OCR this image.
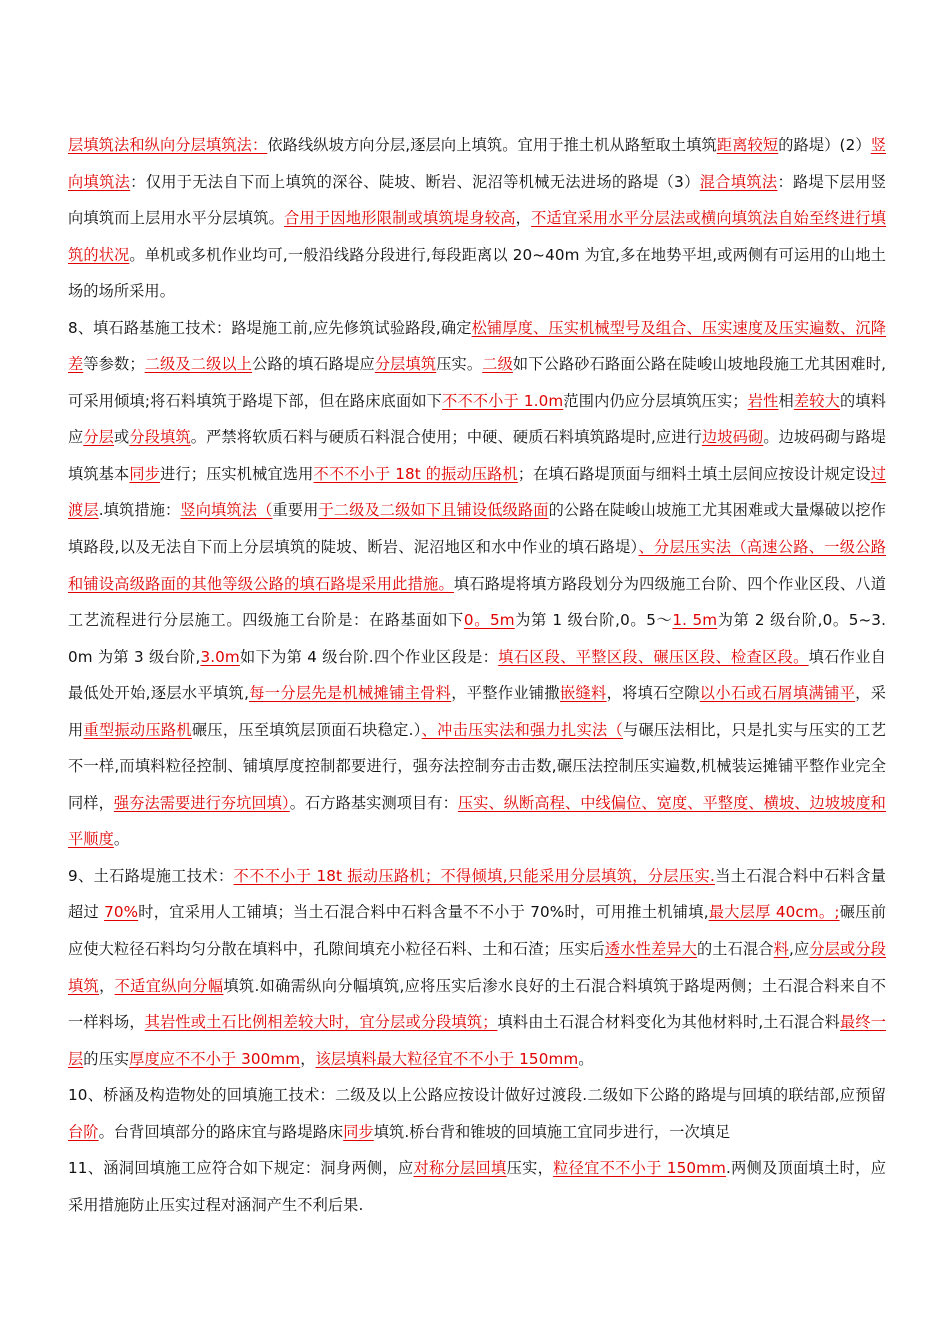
层填筑法和纵向分层填筑法：依路线纵坡方向分层,逐层向上填筑。宜用于推土机从路堑取土填筑距离较短的路堤）(2）竖向填筑法：仅用于无法自下而上填筑的深谷、陡坡、断岩、泥沼等机械无法进场的路堤（3）混合填筑法：路堤下层用竖向填筑而上层用水平分层填筑。合用于因地形限制或填筑堤身较高，不适宜采用水平分层法或横向填筑法自始至终进行填筑的状况。单机或多机作业均可,一般沿线路分段进行,每段距离以 20~40m 为宜,多在地势平坦,或两侧有可运用的山地土场的场所采用。

8、填石路基施工技术：路堤施工前,应先修筑试验路段,确定松铺厚度、压实机械型号及组合、压实速度及压实遍数、沉降差等参数；二级及二级以上公路的填石路堤应分层填筑压实。二级如下公路砂石路面公路在陡峻山坡地段施工尤其困难时,可采用倾填;将石料填筑于路堤下部，但在路床底面如下不不不小于 1.0m范围内仍应分层填筑压实；岩性相差较大的填料应分层或分段填筑。严禁将软质石料与硬质石料混合使用；中硬、硬质石料填筑路堤时,应进行边坡码砌。边坡码砌与路堤填筑基本同步进行；压实机械宜选用不不不小于 18t 的振动压路机；在填石路堤顶面与细料土填土层间应按设计规定设过渡层.填筑措施：竖向填筑法（重要用于二级及二级如下且铺设低级路面的公路在陡峻山坡施工尤其困难或大量爆破以挖作填路段,以及无法自下而上分层填筑的陡坡、断岩、泥沼地区和水中作业的填石路堤）、分层压实法（高速公路、一级公路和铺设高级路面的其他等级公路的填石路堤采用此措施。填石路堤将填方路段划分为四级施工台阶、四个作业区段、八道工艺流程进行分层施工。四级施工台阶是：在路基面如下0。5m为第 1 级台阶,0。5～1. 5m为第 2 级台阶,0。5~3. 0m 为第 3 级台阶,3.0m如下为第 4 级台阶.四个作业区段是：填石区段、平整区段、碾压区段、检查区段。填石作业自最低处开始,逐层水平填筑,每一分层先是机械摊铺主骨料，平整作业铺撒嵌缝料，将填石空隙以小石或石屑填满铺平，采用重型振动压路机碾压，压至填筑层顶面石块稳定.）、冲击压实法和强力扎实法（与碾压法相比，只是扎实与压实的工艺不一样,而填料粒径控制、铺填厚度控制都要进行，强夯法控制夯击击数,碾压法控制压实遍数,机械装运摊铺平整作业完全同样，强夯法需要进行夯坑回填）。石方路基实测项目有：压实、纵断高程、中线偏位、宽度、平整度、横坡、边坡坡度和平顺度。

9、土石路堤施工技术：不不不小于 18t 振动压路机；不得倾填,只能采用分层填筑，分层压实.当土石混合料中石料含量超过 70%时，宜采用人工铺填；当土石混合料中石料含量不不小于 70%时，可用推土机铺填,最大层厚 40cm。;碾压前应使大粒径石料均匀分散在填料中，孔隙间填充小粒径石料、土和石渣；压实后透水性差异大的土石混合料,应分层或分段填筑，不适宜纵向分幅填筑.如确需纵向分幅填筑,应将压实后渗水良好的土石混合料填筑于路堤两侧；土石混合料来自不一样料场，其岩性或土石比例相差较大时，宜分层或分段填筑；填料由土石混合材料变化为其他材料时,土石混合料最终一层的压实厚度应不不小于 300mm，该层填料最大粒径宜不不小于 150mm。

10、桥涵及构造物处的回填施工技术：二级及以上公路应按设计做好过渡段.二级如下公路的路堤与回填的联结部,应预留台阶。台背回填部分的路床宜与路堤路床同步填筑.桥台背和锥坡的回填施工宜同步进行，一次填足

11、涵洞回填施工应符合如下规定：洞身两侧，应对称分层回填压实，粒径宜不不小于 150mm.两侧及顶面填土时，应采用措施防止压实过程对涵洞产生不利后果.
